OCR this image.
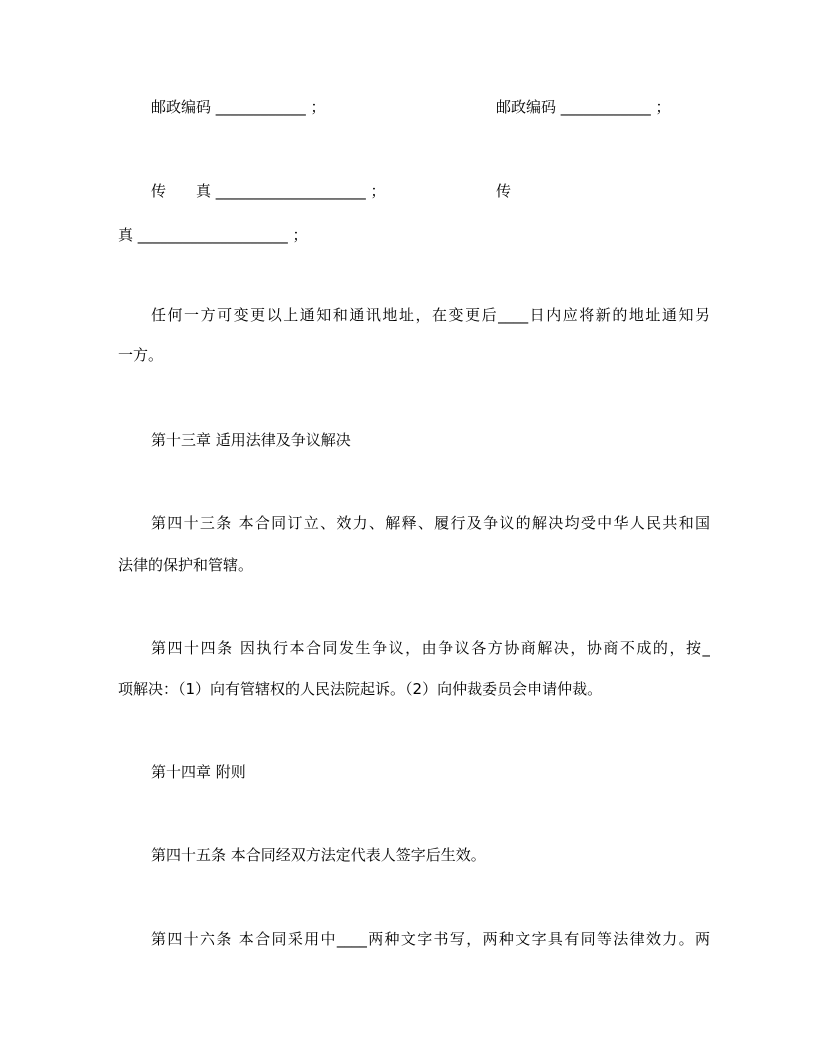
邮政编码 ____________ ；	邮政编码 ____________ ；
传　　真 ____________________ ；	传
真 ____________________ ；
任何一方可变更以上通知和通讯地址，在变更后____日内应将新的地址通知另
一方。
第十三章 适用法律及争议解决
第四十三条 本合同订立、效力、解释、履行及争议的解决均受中华人民共和国
法律的保护和管辖。
第四十四条 因执行本合同发生争议，由争议各方协商解决，协商不成的，按_
项解决：（1）向有管辖权的人民法院起诉。（2）向仲裁委员会申请仲裁。
第十四章 附则
第四十五条 本合同经双方法定代表人签字后生效。
第四十六条 本合同采用中____两种文字书写，两种文字具有同等法律效力。两
